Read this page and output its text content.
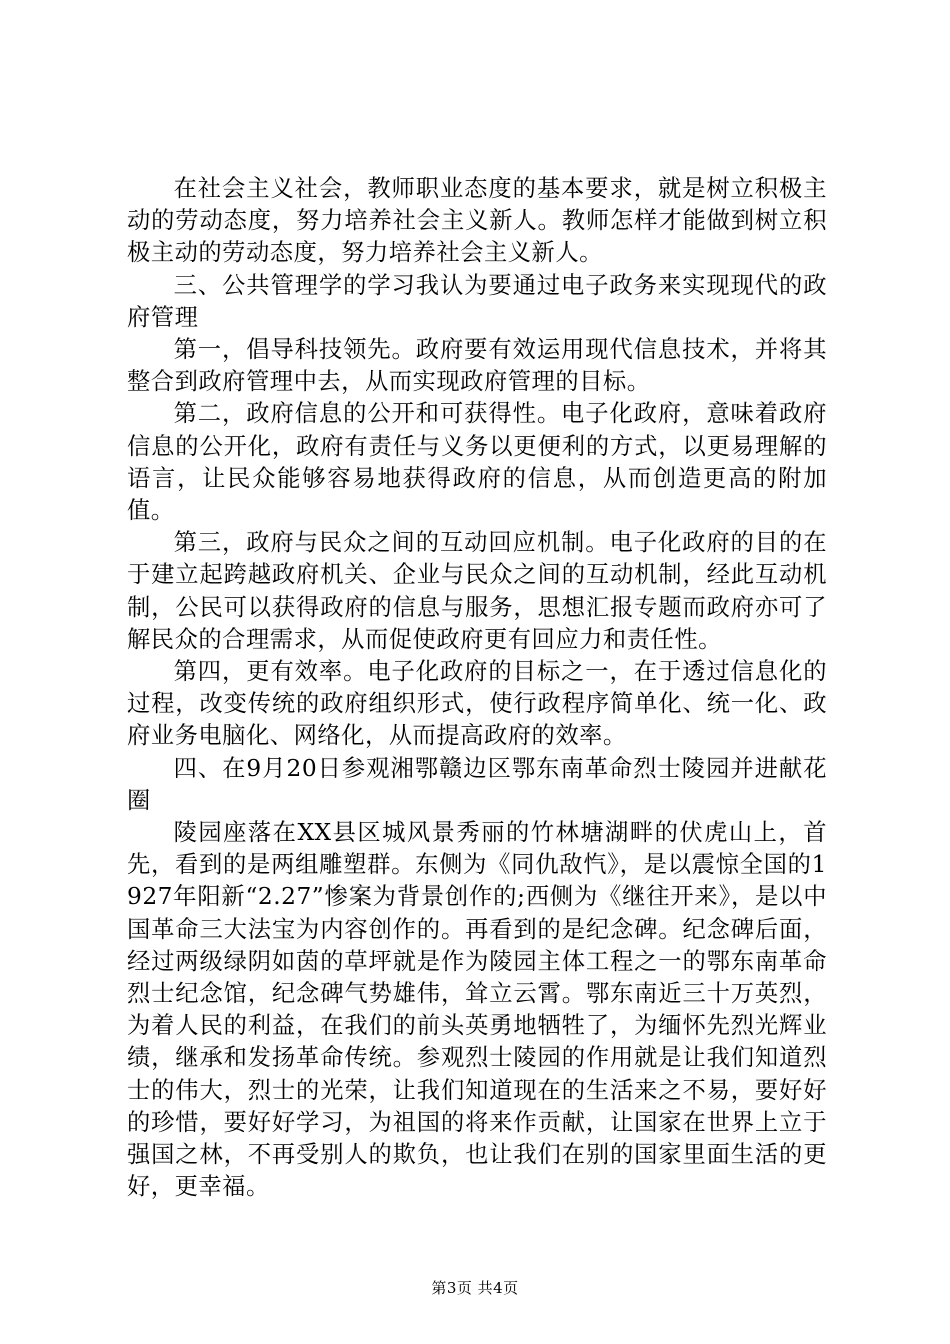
在社会主义社会，教师职业态度的基本要求，就是树立积极主动的劳动态度，努力培养社会主义新人。教师怎样才能做到树立积极主动的劳动态度，努力培养社会主义新人。

三、公共管理学的学习我认为要通过电子政务来实现现代的政府管理

第一，倡导科技领先。政府要有效运用现代信息技术，并将其整合到政府管理中去，从而实现政府管理的目标。

第二，政府信息的公开和可获得性。电子化政府，意味着政府信息的公开化，政府有责任与义务以更便利的方式，以更易理解的语言，让民众能够容易地获得政府的信息，从而创造更高的附加值。

第三，政府与民众之间的互动回应机制。电子化政府的目的在于建立起跨越政府机关、企业与民众之间的互动机制，经此互动机制，公民可以获得政府的信息与服务，思想汇报专题而政府亦可了解民众的合理需求，从而促使政府更有回应力和责任性。

第四，更有效率。电子化政府的目标之一，在于透过信息化的过程，改变传统的政府组织形式，使行政程序简单化、统一化、政府业务电脑化、网络化，从而提高政府的效率。

四、在9月20日参观湘鄂赣边区鄂东南革命烈士陵园并进献花圈

陵园座落在XX县区城风景秀丽的竹林塘湖畔的伏虎山上，首先，看到的是两组雕塑群。东侧为《同仇敌忾》，是以震惊全国的1927年阳新“2.27”惨案为背景创作的;西侧为《继往开来》，是以中国革命三大法宝为内容创作的。再看到的是纪念碑。纪念碑后面，经过两级绿阴如茵的草坪就是作为陵园主体工程之一的鄂东南革命烈士纪念馆，纪念碑气势雄伟，耸立云霄。鄂东南近三十万英烈，为着人民的利益，在我们的前头英勇地牺牲了，为缅怀先烈光辉业绩，继承和发扬革命传统。参观烈士陵园的作用就是让我们知道烈士的伟大，烈士的光荣，让我们知道现在的生活来之不易，要好好的珍惜，要好好学习，为祖国的将来作贡献，让国家在世界上立于强国之林，不再受别人的欺负，也让我们在别的国家里面生活的更好，更幸福。

第3页 共4页
